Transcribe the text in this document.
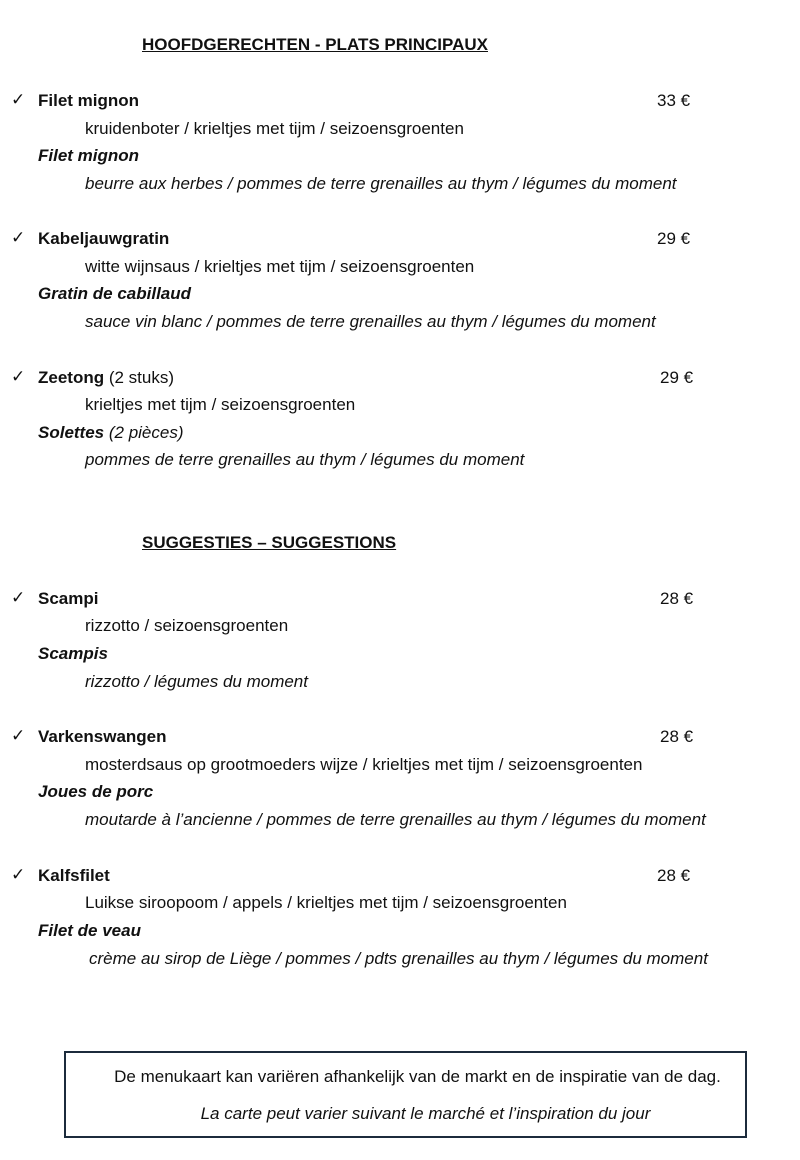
HOOFDGERECHTEN - PLATS PRINCIPAUX
✓ Filet mignon	33 €
kruidenboter / krieltjes met tijm / seizoensgroenten
Filet mignon
beurre aux herbes / pommes de terre grenailles au thym / légumes du moment
✓ Kabeljauwgratin	29 €
witte wijnsaus / krieltjes met tijm / seizoensgroenten
Gratin de cabillaud
sauce vin blanc / pommes de terre grenailles au thym / légumes du moment
✓ Zeetong (2 stuks)	29 €
krieltjes met tijm / seizoensgroenten
Solettes (2 pièces)
pommes de terre grenailles au thym / légumes du moment
SUGGESTIES – SUGGESTIONS
✓ Scampi	28 €
rizzotto / seizoensgroenten
Scampis
rizzotto / légumes du moment
✓ Varkenswangen	28 €
mosterdsaus op grootmoeders wijze / krieltjes met tijm / seizoensgroenten
Joues de porc
moutarde à l’ancienne / pommes de terre grenailles au thym / légumes du moment
✓ Kalfsfilet	28 €
Luikse siroopoom / appels / krieltjes met tijm / seizoensgroenten
Filet de veau
crème au sirop de Liège / pommes / pdts grenailles au thym / légumes du moment
De menukaart kan variëren afhankelijk van de markt en de inspiratie van de dag.
La carte peut varier suivant le marché et l’inspiration du jour
